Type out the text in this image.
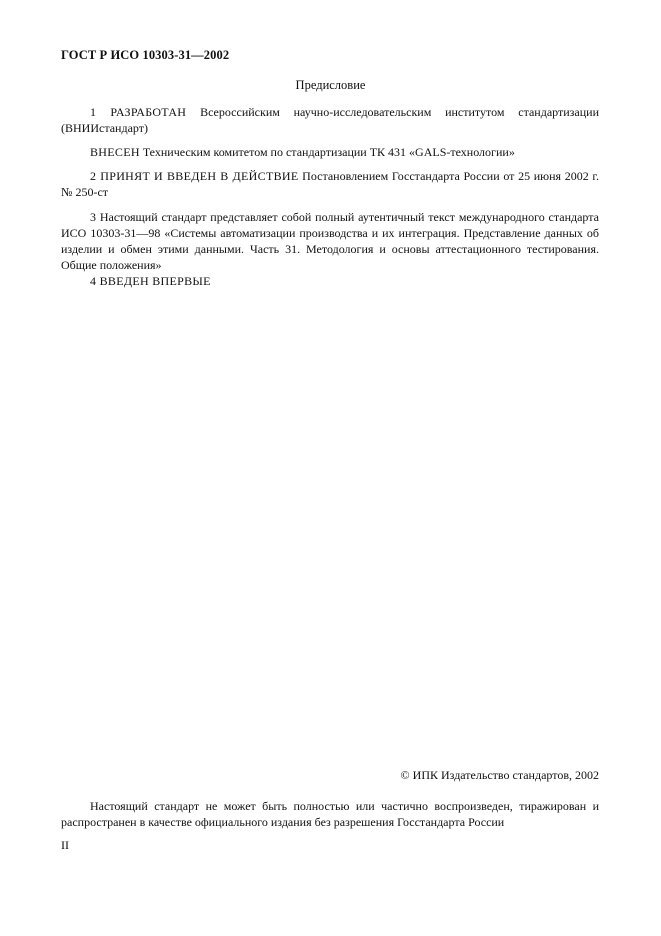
ГОСТ Р ИСО 10303-31—2002
Предисловие
1 РАЗРАБОТАН Всероссийским научно-исследовательским институтом стандартизации (ВНИИстандарт)
ВНЕСЕН Техническим комитетом по стандартизации ТК 431 «GALS-технологии»
2 ПРИНЯТ И ВВЕДЕН В ДЕЙСТВИЕ Постановлением Госстандарта России от 25 июня 2002 г. № 250-ст
3 Настоящий стандарт представляет собой полный аутентичный текст международного стандарта ИСО 10303-31—98 «Системы автоматизации производства и их интеграция. Представление данных об изделии и обмен этими данными. Часть 31. Методология и основы аттестационного тестирования. Общие положения»
4 ВВЕДЕН ВПЕРВЫЕ
© ИПК Издательство стандартов, 2002
Настоящий стандарт не может быть полностью или частично воспроизведен, тиражирован и распространен в качестве официального издания без разрешения Госстандарта России
II
